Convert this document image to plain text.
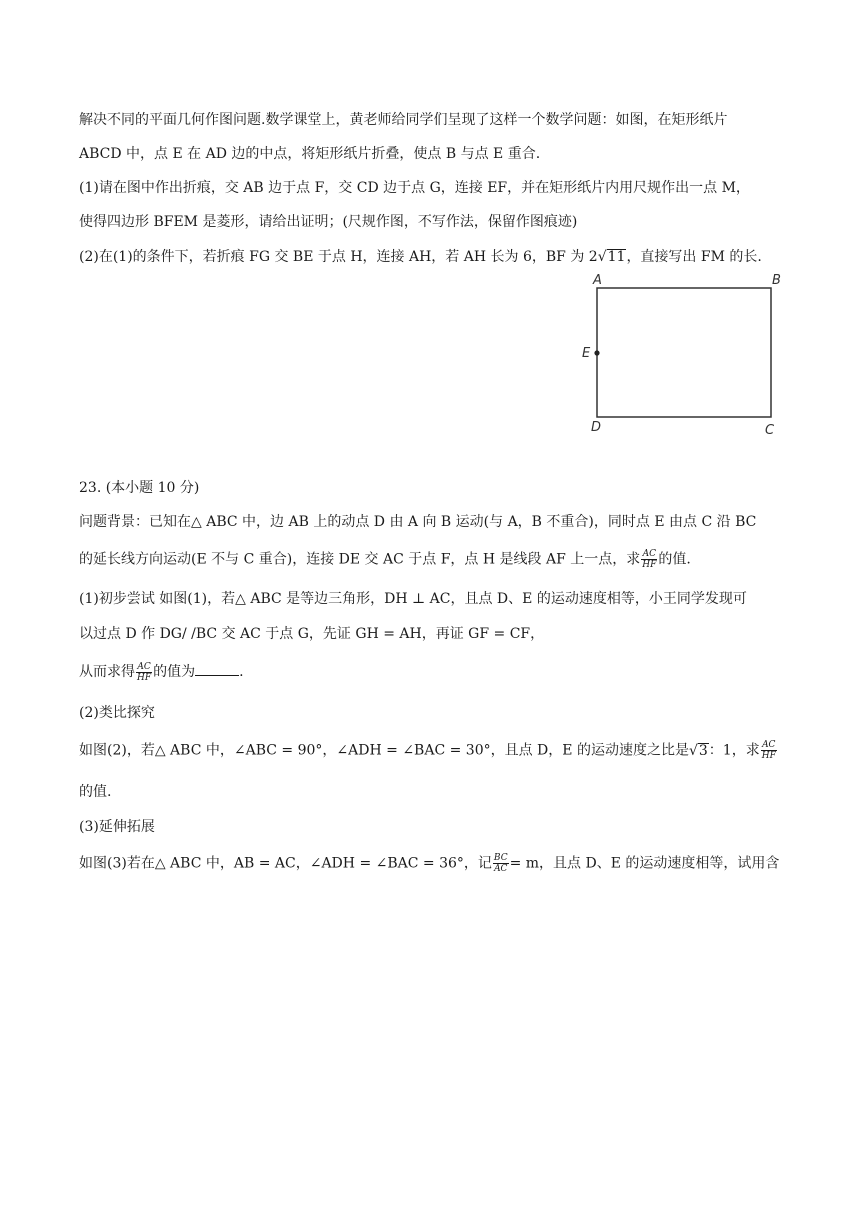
解决不同的平面几何作图问题.数学课堂上，黄老师给同学们呈现了这样一个数学问题：如图，在矩形纸片
ABCD 中，点 E 在 AD 边的中点，将矩形纸片折叠，使点 B 与点 E 重合.
(1)请在图中作出折痕，交 AB 边于点 F，交 CD 边于点 G，连接 EF，并在矩形纸片内用尺规作出一点 M，
使得四边形 BFEM 是菱形，请给出证明；(尺规作图，不写作法，保留作图痕迹)
(2)在(1)的条件下，若折痕 FG 交 BE 于点 H，连接 AH，若 AH 长为 6，BF 为 2√11，直接写出 FM 的长.
A	B
E
D	C
23. (本小题 10 分)
问题背景：已知在△ ABC 中，边 AB 上的动点 D 由 A 向 B 运动(与 A，B 不重合)，同时点 E 由点 C 沿 BC
的延长线方向运动(E 不与 C 重合)，连接 DE 交 AC 于点 F，点 H 是线段 AF 上一点，求 $\frac{AC}{HF}$ 的值.
(1)初步尝试 如图(1)，若△ ABC 是等边三角形，DH ⊥ AC，且点 D、E 的运动速度相等，小王同学发现可
以过点 D 作 DG/ /BC 交 AC 于点 G，先证 GH = AH，再证 GF = CF，
从而求得 $\frac{AC}{HF}$ 的值为	.
(2)类比探究
如图(2)，若△ ABC 中，∠ABC = 90°，∠ADH = ∠BAC = 30°，且点 D，E 的运动速度之比是√3：1，求 $\frac{AC}{HF}$
的值.
(3)延伸拓展
如图(3)若在△ ABC 中，AB = AC，∠ADH = ∠BAC = 36°，记 $\frac{BC}{AC} = m$，且点 D、E 的运动速度相等，试用含
